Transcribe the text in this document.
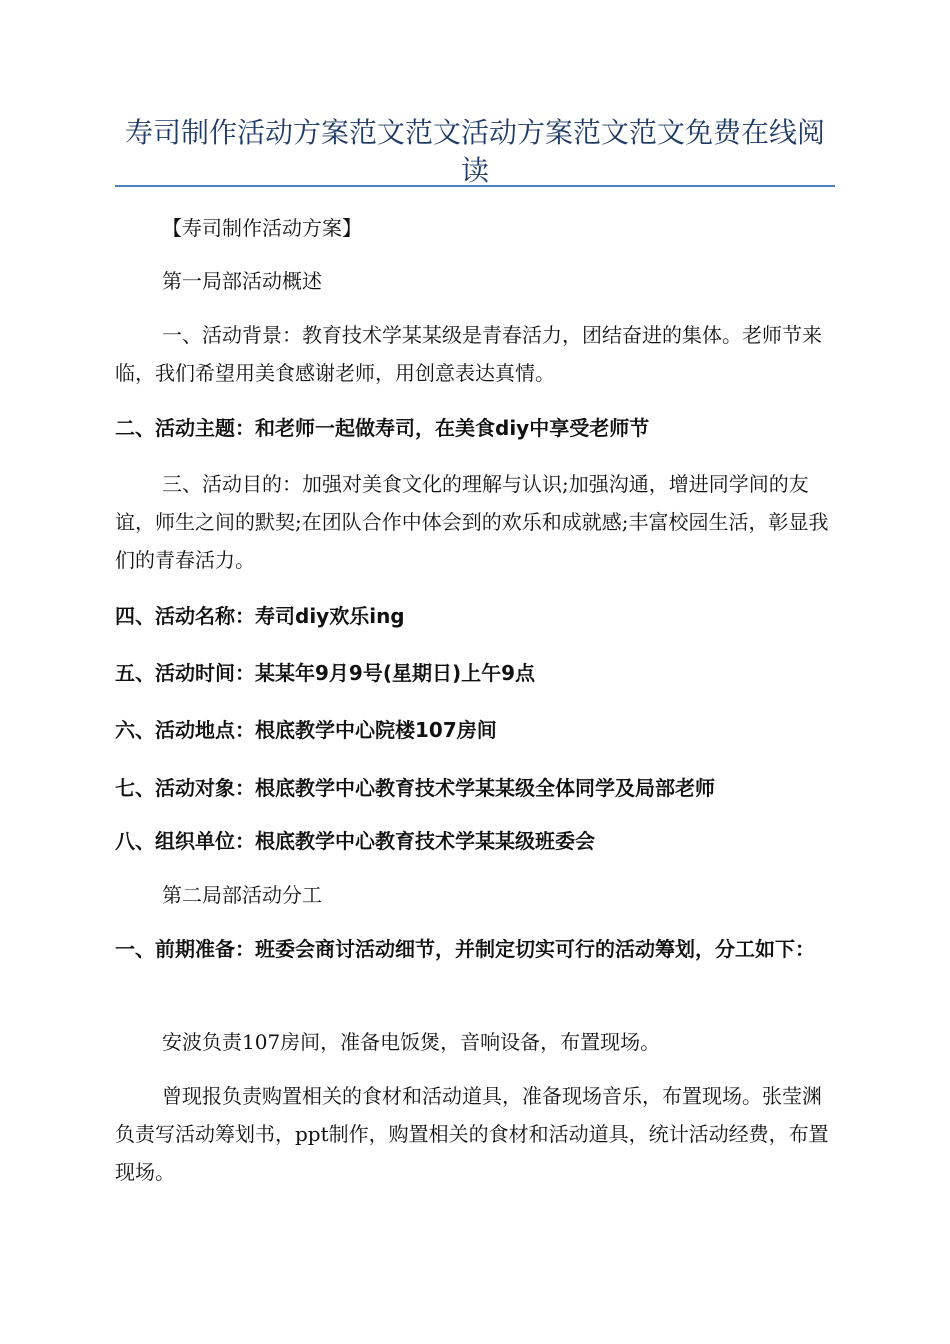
寿司制作活动方案范文范文活动方案范文范文免费在线阅读

【寿司制作活动方案】

第一局部活动概述

一、活动背景：教育技术学某某级是青春活力，团结奋进的集体。老师节来临，我们希望用美食感谢老师，用创意表达真情。

二、活动主题：和老师一起做寿司，在美食diy中享受老师节

三、活动目的：加强对美食文化的理解与认识;加强沟通，增进同学间的友谊，师生之间的默契;在团队合作中体会到的欢乐和成就感;丰富校园生活，彰显我们的青春活力。

四、活动名称：寿司diy欢乐ing

五、活动时间：某某年9月9号(星期日)上午9点

六、活动地点：根底教学中心院楼107房间

七、活动对象：根底教学中心教育技术学某某级全体同学及局部老师

八、组织单位：根底教学中心教育技术学某某级班委会

第二局部活动分工

一、前期准备：班委会商讨活动细节，并制定切实可行的活动筹划，分工如下：

安波负责107房间，准备电饭煲，音响设备，布置现场。

曾现报负责购置相关的食材和活动道具，准备现场音乐，布置现场。张莹渊负责写活动筹划书，ppt制作，购置相关的食材和活动道具，统计活动经费，布置现场。
